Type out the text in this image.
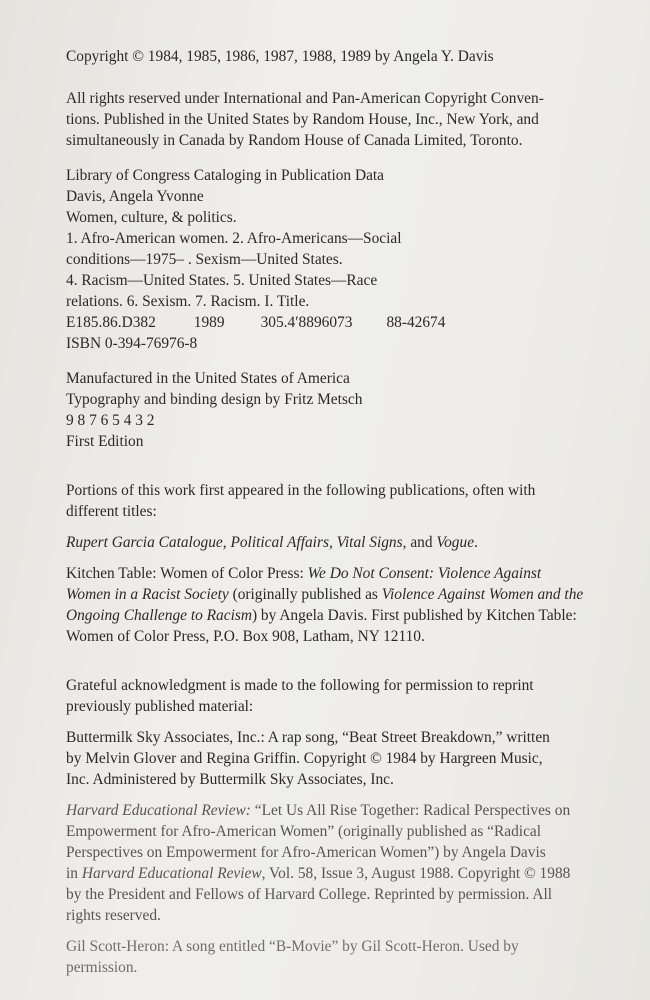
Copyright © 1984, 1985, 1986, 1987, 1988, 1989 by Angela Y. Davis

All rights reserved under International and Pan-American Copyright Conven-
tions. Published in the United States by Random House, Inc., New York, and
simultaneously in Canada by Random House of Canada Limited, Toronto.

Library of Congress Cataloging in Publication Data
Davis, Angela Yvonne
Women, culture, & politics.
1. Afro-American women. 2. Afro-Americans—Social
conditions—1975– . Sexism—United States.
4. Racism—United States. 5. United States—Race
relations. 6. Sexism. 7. Racism. I. Title.
E185.86.D382 1989 305.4′8896073 88-42674
ISBN 0-394-76976-8
Manufactured in the United States of America
Typography and binding design by Fritz Metsch
9 8 7 6 5 4 3 2
First Edition

Portions of this work first appeared in the following publications, often with
different titles:

Rupert Garcia Catalogue, Political Affairs, Vital Signs, and Vogue.

Kitchen Table: Women of Color Press: We Do Not Consent: Violence Against
Women in a Racist Society (originally published as Violence Against Women and the
Ongoing Challenge to Racism) by Angela Davis. First published by Kitchen Table:
Women of Color Press, P.O. Box 908, Latham, NY 12110.

Grateful acknowledgment is made to the following for permission to reprint
previously published material:

Buttermilk Sky Associates, Inc.: A rap song, “Beat Street Breakdown,” written
by Melvin Glover and Regina Griffin. Copyright © 1984 by Hargreen Music,
Inc. Administered by Buttermilk Sky Associates, Inc.

Harvard Educational Review: “Let Us All Rise Together: Radical Perspectives on
Empowerment for Afro-American Women” (originally published as “Radical
Perspectives on Empowerment for Afro-American Women”) by Angela Davis
in Harvard Educational Review, Vol. 58, Issue 3, August 1988. Copyright © 1988
by the President and Fellows of Harvard College. Reprinted by permission. All
rights reserved.

Gil Scott-Heron: A song entitled “B-Movie” by Gil Scott-Heron. Used by
permission.
